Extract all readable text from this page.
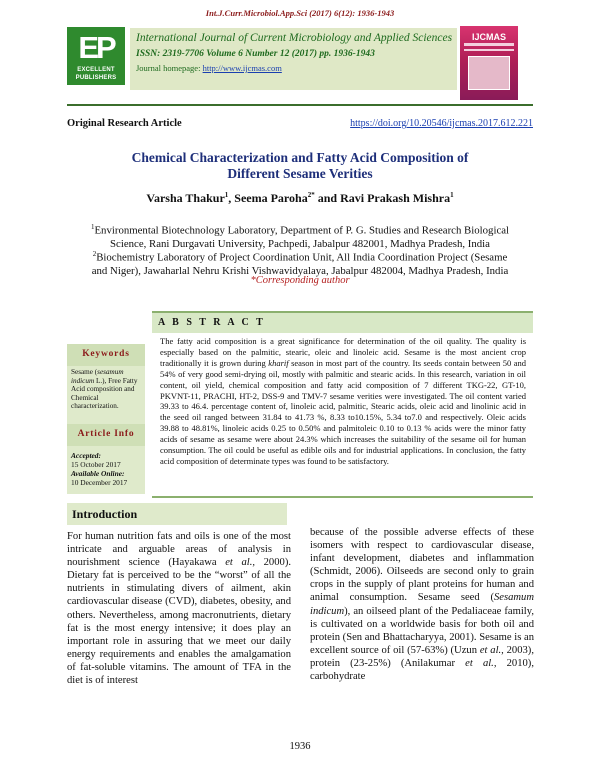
Int.J.Curr.Microbiol.App.Sci (2017) 6(12): 1936-1943
EP
EXCELLENT
PUBLISHERS
International Journal of Current Microbiology and Applied Sciences
ISSN: 2319-7706 Volume 6 Number 12 (2017) pp. 1936-1943
Journal homepage: http://www.ijcmas.com
IJCMAS
Original Research Article	https://doi.org/10.20546/ijcmas.2017.612.221
Chemical Characterization and Fatty Acid Composition of
Different Sesame Verities
Varsha Thakur$^1$, Seema Paroha$^{2*}$ and Ravi Prakash Mishra$^1$
$^1$Environmental Biotechnology Laboratory, Department of P. G. Studies and Research Biological
Science, Rani Durgavati University, Pachpedi, Jabalpur 482001, Madhya Pradesh, India
$^2$Biochemistry Laboratory of Project Coordination Unit, All India Coordination Project (Sesame
and Niger), Jawaharlal Nehru Krishi Vishwavidyalaya, Jabalpur 482004, Madhya Pradesh, India
*Corresponding author
A B S T R A C T
Keywords
Sesame (sesamum indicum L.), Free Fatty Acid composition and Chemical characterization.
Article Info
Accepted:
15 October 2017
Available Online:
10 December 2017
The fatty acid composition is a great significance for determination of the oil quality. The quality is especially based on the palmitic, stearic, oleic and linoleic acid. Sesame is the most ancient crop traditionally it is grown during kharif season in most part of the country. Its seeds contain between 50 and 54% of very good semi-drying oil, mostly with palmitic and stearic acids. In this research, variation in oil content, oil yield, chemical composition and fatty acid composition of 7 different TKG-22, GT-10, PKVNT-11, PRACHI, HT-2, DSS-9 and TMV-7 sesame verities were investigated. The oil content varied 39.33 to 46.4. percentage content of, linoleic acid, palmitic, Stearic acids, oleic acid and linolinic acid in the seed oil ranged between 31.84 to 41.73 %, 8.33 to10.15%, 5.34 to7.0 and respectively. Oleic acids 39.88 to 48.81%, linoleic acids 0.25 to 0.50% and palmitoleic 0.10 to 0.13 % acids were the minor fatty acids of sesame as sesame were about 24.3% which increases the suitability of the sesame oil for human consumption. The oil could be useful as edible oils and for industrial applications. In conclusion, the fatty acid composition of determinate types was found to be satisfactory.
Introduction
For human nutrition fats and oils is one of the most intricate and arguable areas of analysis in nourishment science (Hayakawa et al., 2000). Dietary fat is perceived to be the “worst” of all the nutrients in stimulating divers of ailment, akin cardiovascular disease (CVD), diabetes, obesity, and others. Nevertheless, among macronutrients, dietary fat is the most energy intensive; it does play an important role in assuring that we meet our daily energy requirements and enables the amalgamation of fat-soluble vitamins. The amount of TFA in the diet is of interest
because of the possible adverse effects of these isomers with respect to cardiovascular disease, infant development, diabetes and inflammation (Schmidt, 2006). Oilseeds are second only to grain crops in the supply of plant proteins for human and animal consumption. Sesame seed (Sesamum indicum), an oilseed plant of the Pedaliaceae family, is cultivated on a worldwide basis for both oil and protein (Sen and Bhattacharyya, 2001). Sesame is an excellent source of oil (57-63%) (Uzun et al., 2003), protein (23-25%) (Anilakumar et al., 2010), carbohydrate
1936
